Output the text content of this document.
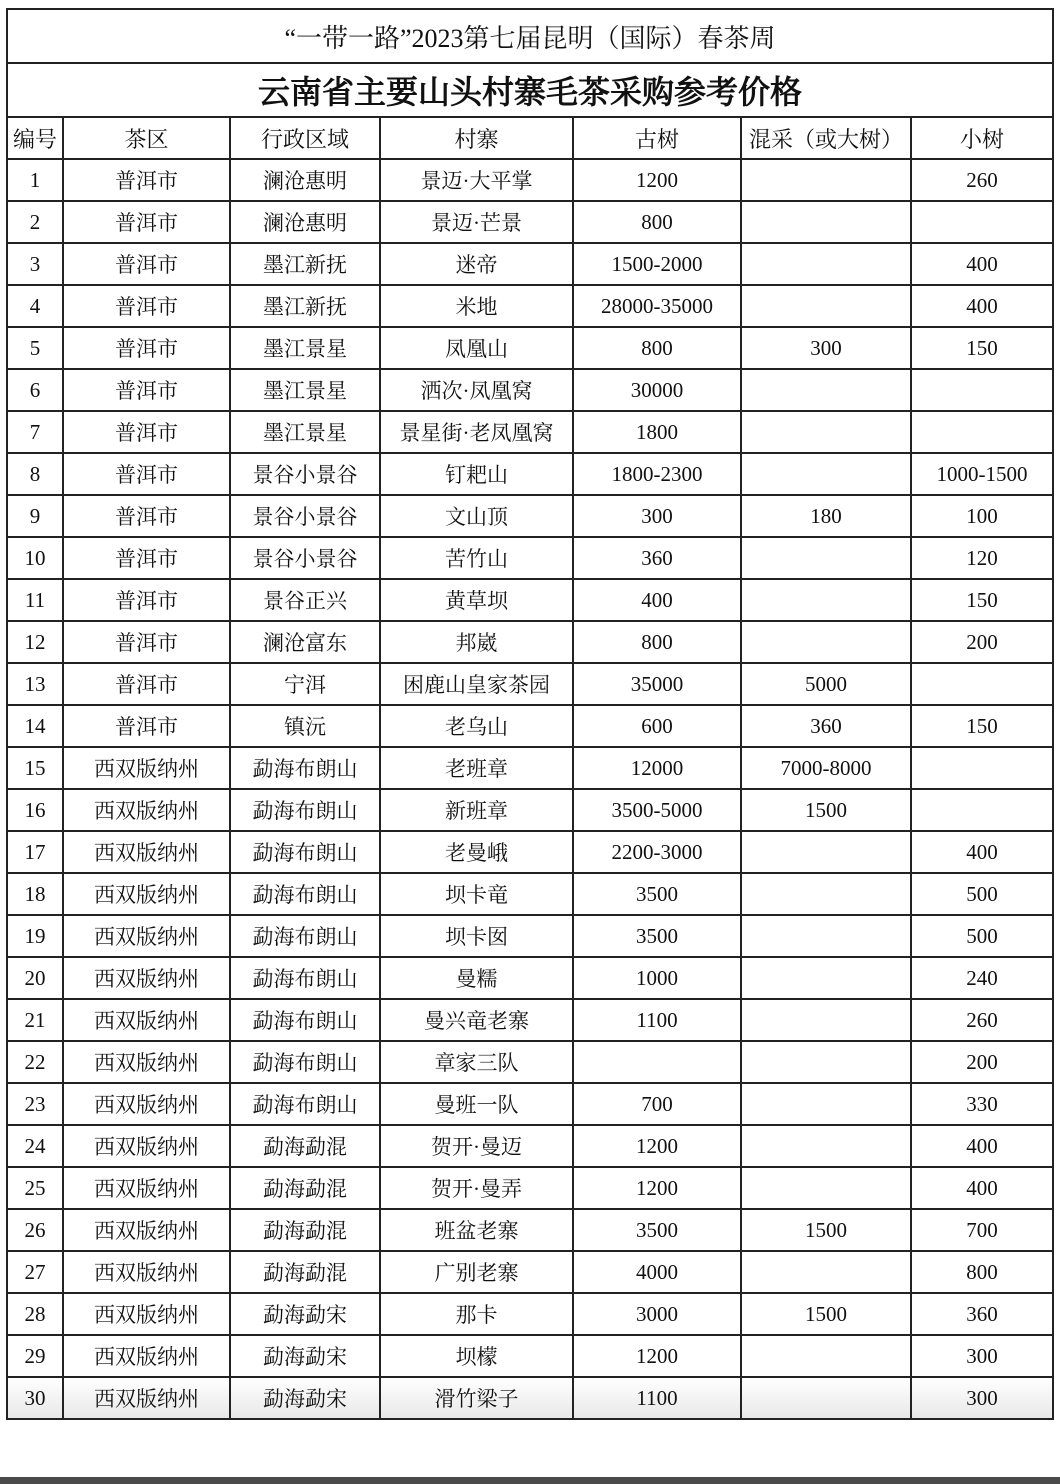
“一带一路”2023第七届昆明（国际）春茶周						
云南省主要山头村寨毛茶采购参考价格						
编号	茶区	行政区域	村寨	古树	混采（或大树）	小树
1	普洱市	澜沧惠明	景迈·大平掌	1200		260
2	普洱市	澜沧惠明	景迈·芒景	800		
3	普洱市	墨江新抚	迷帝	1500-2000		400
4	普洱市	墨江新抚	米地	28000-35000		400
5	普洱市	墨江景星	凤凰山	800	300	150
6	普洱市	墨江景星	洒次·凤凰窝	30000		
7	普洱市	墨江景星	景星街·老凤凰窝	1800		
8	普洱市	景谷小景谷	钉耙山	1800-2300		1000-1500
9	普洱市	景谷小景谷	文山顶	300	180	100
10	普洱市	景谷小景谷	苦竹山	360		120
11	普洱市	景谷正兴	黄草坝	400		150
12	普洱市	澜沧富东	邦崴	800		200
13	普洱市	宁洱	困鹿山皇家茶园	35000	5000	
14	普洱市	镇沅	老乌山	600	360	150
15	西双版纳州	勐海布朗山	老班章	12000	7000-8000	
16	西双版纳州	勐海布朗山	新班章	3500-5000	1500	
17	西双版纳州	勐海布朗山	老曼峨	2200-3000		400
18	西双版纳州	勐海布朗山	坝卡竜	3500		500
19	西双版纳州	勐海布朗山	坝卡囡	3500		500
20	西双版纳州	勐海布朗山	曼糯	1000		240
21	西双版纳州	勐海布朗山	曼兴竜老寨	1100		260
22	西双版纳州	勐海布朗山	章家三队			200
23	西双版纳州	勐海布朗山	曼班一队	700		330
24	西双版纳州	勐海勐混	贺开·曼迈	1200		400
25	西双版纳州	勐海勐混	贺开·曼弄	1200		400
26	西双版纳州	勐海勐混	班盆老寨	3500	1500	700
27	西双版纳州	勐海勐混	广别老寨	4000		800
28	西双版纳州	勐海勐宋	那卡	3000	1500	360
29	西双版纳州	勐海勐宋	坝檬	1200		300
30	西双版纳州	勐海勐宋	滑竹梁子	1100		300
